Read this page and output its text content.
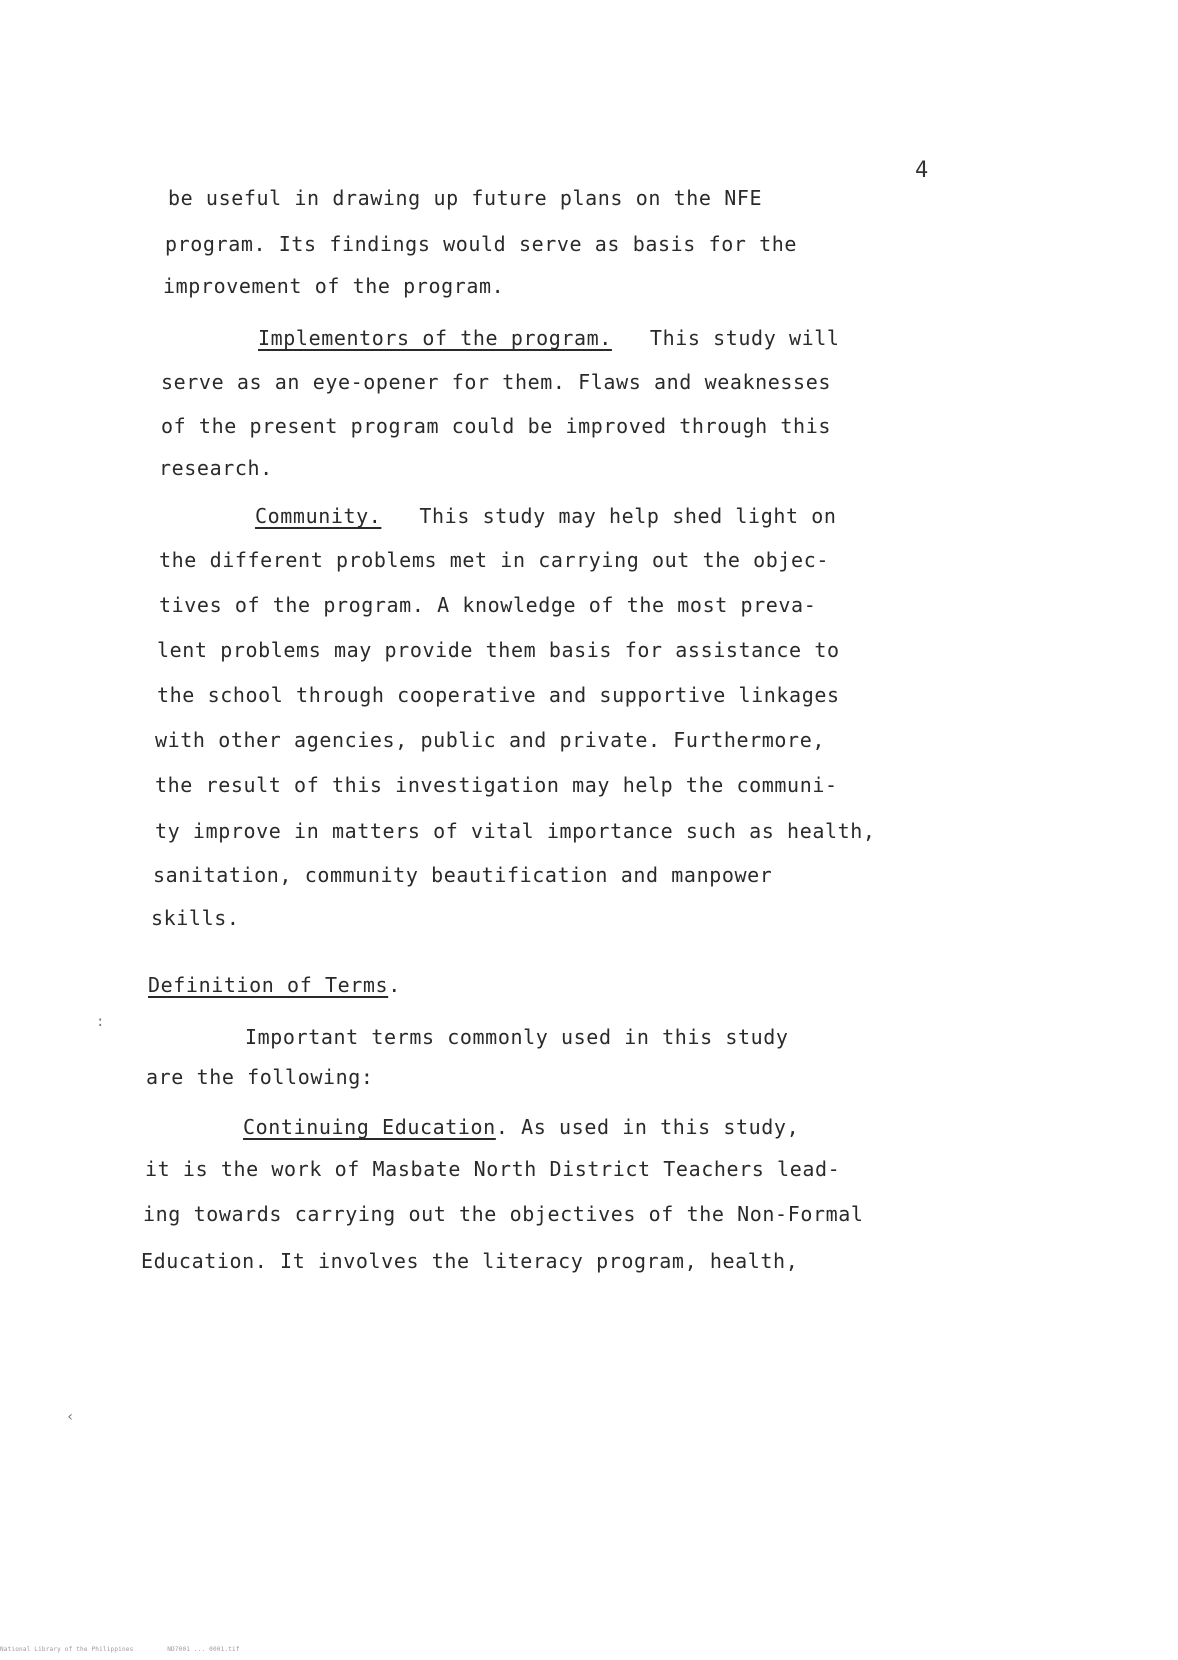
4
be useful in drawing up future plans on the NFE
program. Its findings would serve as basis for the
improvement of the program.
Implementors of the program. This study will
serve as an eye-opener for them. Flaws and weaknesses
of the present program could be improved through this
research.
Community. This study may help shed light on
the different problems met in carrying out the objec-
tives of the program. A knowledge of the most preva-
lent problems may provide them basis for assistance to
the school through cooperative and supportive linkages
with other agencies, public and private. Furthermore,
the result of this investigation may help the communi-
ty improve in matters of vital importance such as health,
sanitation, community beautification and manpower
skills.
Definition of Terms.
:
Important terms commonly used in this study
are the following:
Continuing Education. As used in this study,
it is the work of Masbate North District Teachers lead-
ing towards carrying out the objectives of the Non-Formal
Education. It involves the literacy program, health,
‹
National Library of the Philippines	ND7001 ... 0001.tif
